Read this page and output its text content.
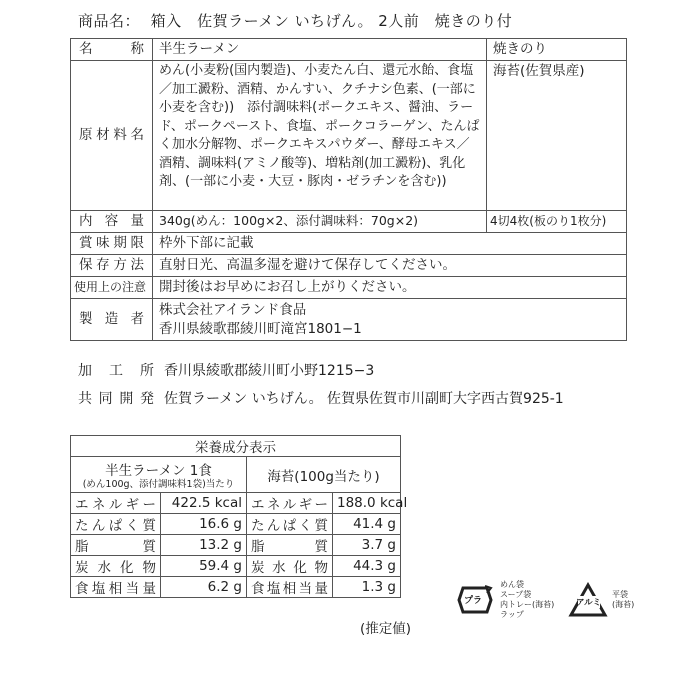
商品名： 箱入　佐賀ラーメン いちげん。 2人前　焼きのり付
名　　称	半生ラーメン	焼きのり
原材料名	めん(小麦粉(国内製造)、小麦たん白、還元水飴、食塩／加工澱粉、酒精、かんすい、クチナシ色素、(一部に小麦を含む))　添付調味料(ポークエキス、醤油、ラード、ポークペースト、食塩、ポークコラーゲン、たんぱく加水分解物、ポークエキスパウダー、酵母エキス／酒精、調味料(アミノ酸等)、増粘剤(加工澱粉)、乳化剤、(一部に小麦・大豆・豚肉・ゼラチンを含む))	海苔(佐賀県産)
内 容 量	340g(めん：100g×2、添付調味料：70g×2)	4切4枚(板のり1枚分)
賞味期限	枠外下部に記載	
保存方法	直射日光、高温多湿を避けて保存してください。	
使用上の注意	開封後はお早めにお召し上がりください。	
製 造 者	株式会社アイランド食品
香川県綾歌郡綾川町滝宮1801−1	
加 工 所 香川県綾歌郡綾川町小野1215−3
共同開発 佐賀ラーメン いちげん。 佐賀県佐賀市川副町大字西古賀925-1
栄養成分表示			
半生ラーメン 1食
(めん100g、添付調味料1袋)当たり		海苔(100g当たり)	
エネルギー	422.5 kcal	エネルギー	188.0 kcal
たんぱく質	16.6 g	たんぱく質	41.4 g
脂　　質	13.2 g	脂　　質	3.7 g
炭 水 化 物	59.4 g	炭 水 化 物	44.3 g
食塩相当量	6.2 g	食塩相当量	1.3 g
(推定値)
プラ
めん袋
スープ袋
内トレー(海苔)
ラップ
アルミ
平袋
(海苔)
